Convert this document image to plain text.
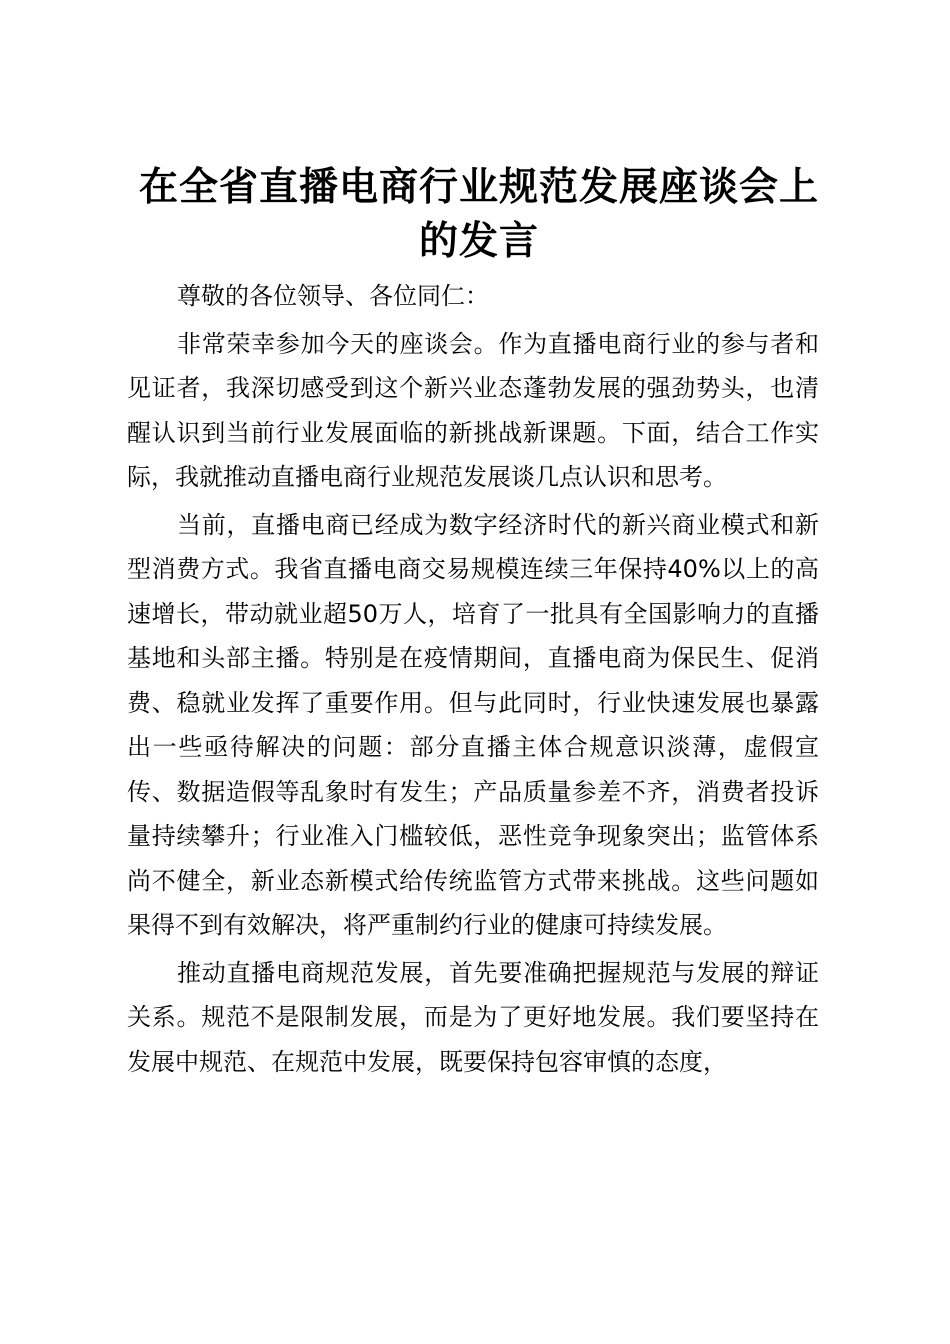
在全省直播电商行业规范发展座谈会上的发言

尊敬的各位领导、各位同仁：

非常荣幸参加今天的座谈会。作为直播电商行业的参与者和见证者，我深切感受到这个新兴业态蓬勃发展的强劲势头，也清醒认识到当前行业发展面临的新挑战新课题。下面，结合工作实际，我就推动直播电商行业规范发展谈几点认识和思考。

当前，直播电商已经成为数字经济时代的新兴商业模式和新型消费方式。我省直播电商交易规模连续三年保持40%以上的高速增长，带动就业超50万人，培育了一批具有全国影响力的直播基地和头部主播。特别是在疫情期间，直播电商为保民生、促消费、稳就业发挥了重要作用。但与此同时，行业快速发展也暴露出一些亟待解决的问题：部分直播主体合规意识淡薄，虚假宣传、数据造假等乱象时有发生；产品质量参差不齐，消费者投诉量持续攀升；行业准入门槛较低，恶性竞争现象突出；监管体系尚不健全，新业态新模式给传统监管方式带来挑战。这些问题如果得不到有效解决，将严重制约行业的健康可持续发展。

推动直播电商规范发展，首先要准确把握规范与发展的辩证关系。规范不是限制发展，而是为了更好地发展。我们要坚持在发展中规范、在规范中发展，既要保持包容审慎的态度，
